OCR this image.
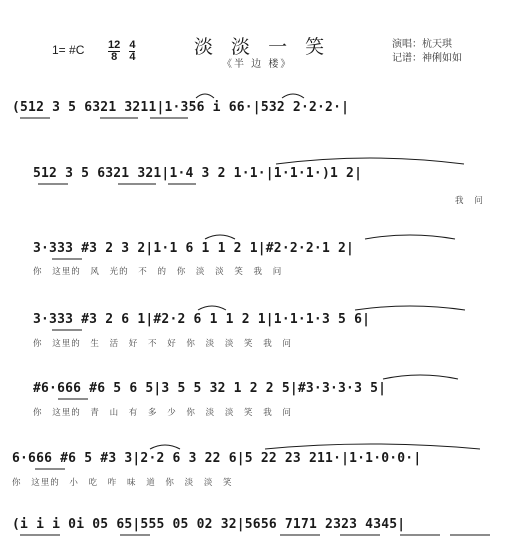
1= #C $\frac{12}{8}$
$\frac{4}{4}$	淡 淡 一 笑
《半 边 楼》
演唱：杭天琪
记谱：神俐如如
(512 3 5 6321 3211|1·356 i 66·|532 2·2·2·|
512 3 5 6321 321|1·4 3 2 1·1·|1·1·1·)1 2|
我 问
3·333 #3 2 3 2|1·1 6 1 1 2 1|#2·2·2·1 2|
你 这里的 风 光的 不 的 你 淡 淡 笑 我 问
3·333 #3 2 6 1|#2·2 6 1 1 2 1|1·1·1·3 5 6|
你 这里的 生 活 好 不 好 你 淡 淡 笑 我 问
#6·666 #6 5 6 5|3 5 5 32 1 2 2 5|#3·3·3·3 5|
你 这里的 青 山 有 多 少 你 淡 淡 笑 我 问
6·666 #6 5 #3 3|2·2 6 3 22 6|5 22 23 211·|1·1·0·0·|
你 这里的 小 吃 咋 味 道 你 淡 淡 笑
(i i i 0i 05 65|555 05 02 32|5656 7171 2323 4345|
